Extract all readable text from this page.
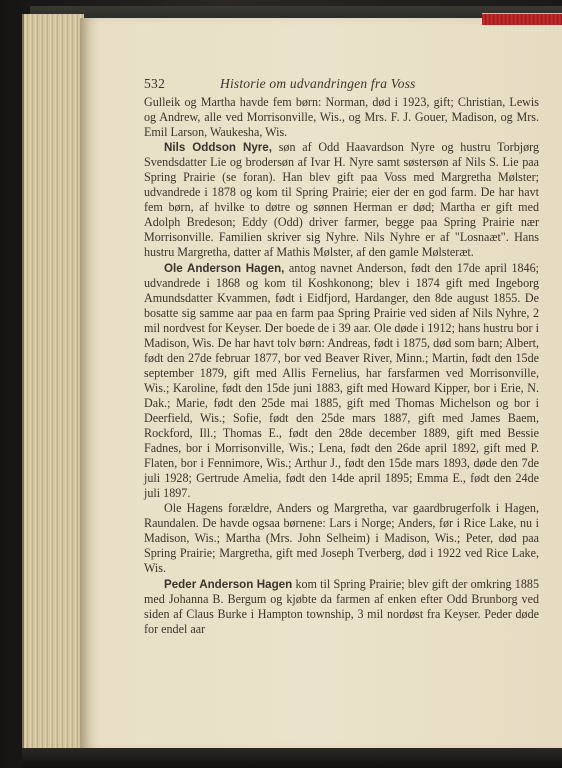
532	Historie om udvandringen fra Voss

Gulleik og Martha havde fem børn: Norman, død i 1923, gift; Christian, Lewis og Andrew, alle ved Morrisonville, Wis., og Mrs. F. J. Gouer, Madison, og Mrs. Emil Larson, Waukesha, Wis.

Nils Oddson Nyre, søn af Odd Haavardson Nyre og hustru Torbjørg Svendsdatter Lie og brodersøn af Ivar H. Nyre samt søstersøn af Nils S. Lie paa Spring Prairie (se foran). Han blev gift paa Voss med Margretha Mølster; udvandrede i 1878 og kom til Spring Prairie; eier der en god farm. De har havt fem børn, af hvilke to døtre og sønnen Herman er død; Martha er gift med Adolph Bredeson; Eddy (Odd) driver farmer, begge paa Spring Prairie nær Morrisonville. Familien skriver sig Nyhre. Nils Nyhre er af "Losnaæt". Hans hustru Margretha, datter af Mathis Mølster, af den gamle Mølsteræt.

Ole Anderson Hagen, antog navnet Anderson, født den 17de april 1846; udvandrede i 1868 og kom til Koshkonong; blev i 1874 gift med Ingeborg Amundsdatter Kvammen, født i Eidfjord, Hardanger, den 8de august 1855. De bosatte sig samme aar paa en farm paa Spring Prairie ved siden af Nils Nyhre, 2 mil nordvest for Keyser. Der boede de i 39 aar. Ole døde i 1912; hans hustru bor i Madison, Wis. De har havt tolv børn: Andreas, født i 1875, død som barn; Albert, født den 27de februar 1877, bor ved Beaver River, Minn.; Martin, født den 15de september 1879, gift med Allis Fernelius, har farsfarmen ved Morrisonville, Wis.; Karoline, født den 15de juni 1883, gift med Howard Kipper, bor i Erie, N. Dak.; Marie, født den 25de mai 1885, gift med Thomas Michelson og bor i Deerfield, Wis.; Sofie, født den 25de mars 1887, gift med James Baem, Rockford, Ill.; Thomas E., født den 28de december 1889, gift med Bessie Fadnes, bor i Morrisonville, Wis.; Lena, født den 26de april 1892, gift med P. Flaten, bor i Fennimore, Wis.; Arthur J., født den 15de mars 1893, døde den 7de juli 1928; Gertrude Amelia, født den 14de april 1895; Emma E., født den 24de juli 1897.

Ole Hagens forældre, Anders og Margretha, var gaardbrugerfolk i Hagen, Raundalen. De havde ogsaa børnene: Lars i Norge; Anders, før i Rice Lake, nu i Madison, Wis.; Martha (Mrs. John Selheim) i Madison, Wis.; Peter, død paa Spring Prairie; Margretha, gift med Joseph Tverberg, død i 1922 ved Rice Lake, Wis.

Peder Anderson Hagen kom til Spring Prairie; blev gift der omkring 1885 med Johanna B. Bergum og kjøbte da farmen af enken efter Odd Brunborg ved siden af Claus Burke i Hampton township, 3 mil nordøst fra Keyser. Peder døde for endel aar
